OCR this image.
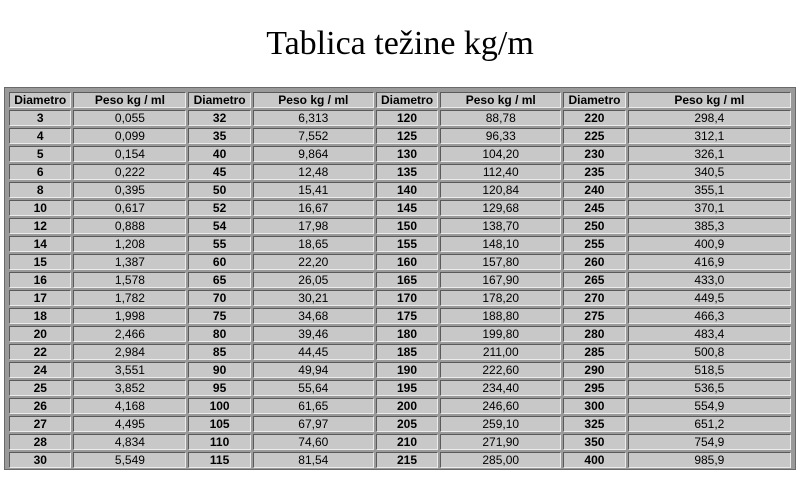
Tablica težine kg/m
Diametro	Peso kg / ml	Diametro	Peso kg / ml	Diametro	Peso kg / ml	Diametro	Peso kg / ml
3	0,055	32	6,313	120	88,78	220	298,4
4	0,099	35	7,552	125	96,33	225	312,1
5	0,154	40	9,864	130	104,20	230	326,1
6	0,222	45	12,48	135	112,40	235	340,5
8	0,395	50	15,41	140	120,84	240	355,1
10	0,617	52	16,67	145	129,68	245	370,1
12	0,888	54	17,98	150	138,70	250	385,3
14	1,208	55	18,65	155	148,10	255	400,9
15	1,387	60	22,20	160	157,80	260	416,9
16	1,578	65	26,05	165	167,90	265	433,0
17	1,782	70	30,21	170	178,20	270	449,5
18	1,998	75	34,68	175	188,80	275	466,3
20	2,466	80	39,46	180	199,80	280	483,4
22	2,984	85	44,45	185	211,00	285	500,8
24	3,551	90	49,94	190	222,60	290	518,5
25	3,852	95	55,64	195	234,40	295	536,5
26	4,168	100	61,65	200	246,60	300	554,9
27	4,495	105	67,97	205	259,10	325	651,2
28	4,834	110	74,60	210	271,90	350	754,9
30	5,549	115	81,54	215	285,00	400	985,9
